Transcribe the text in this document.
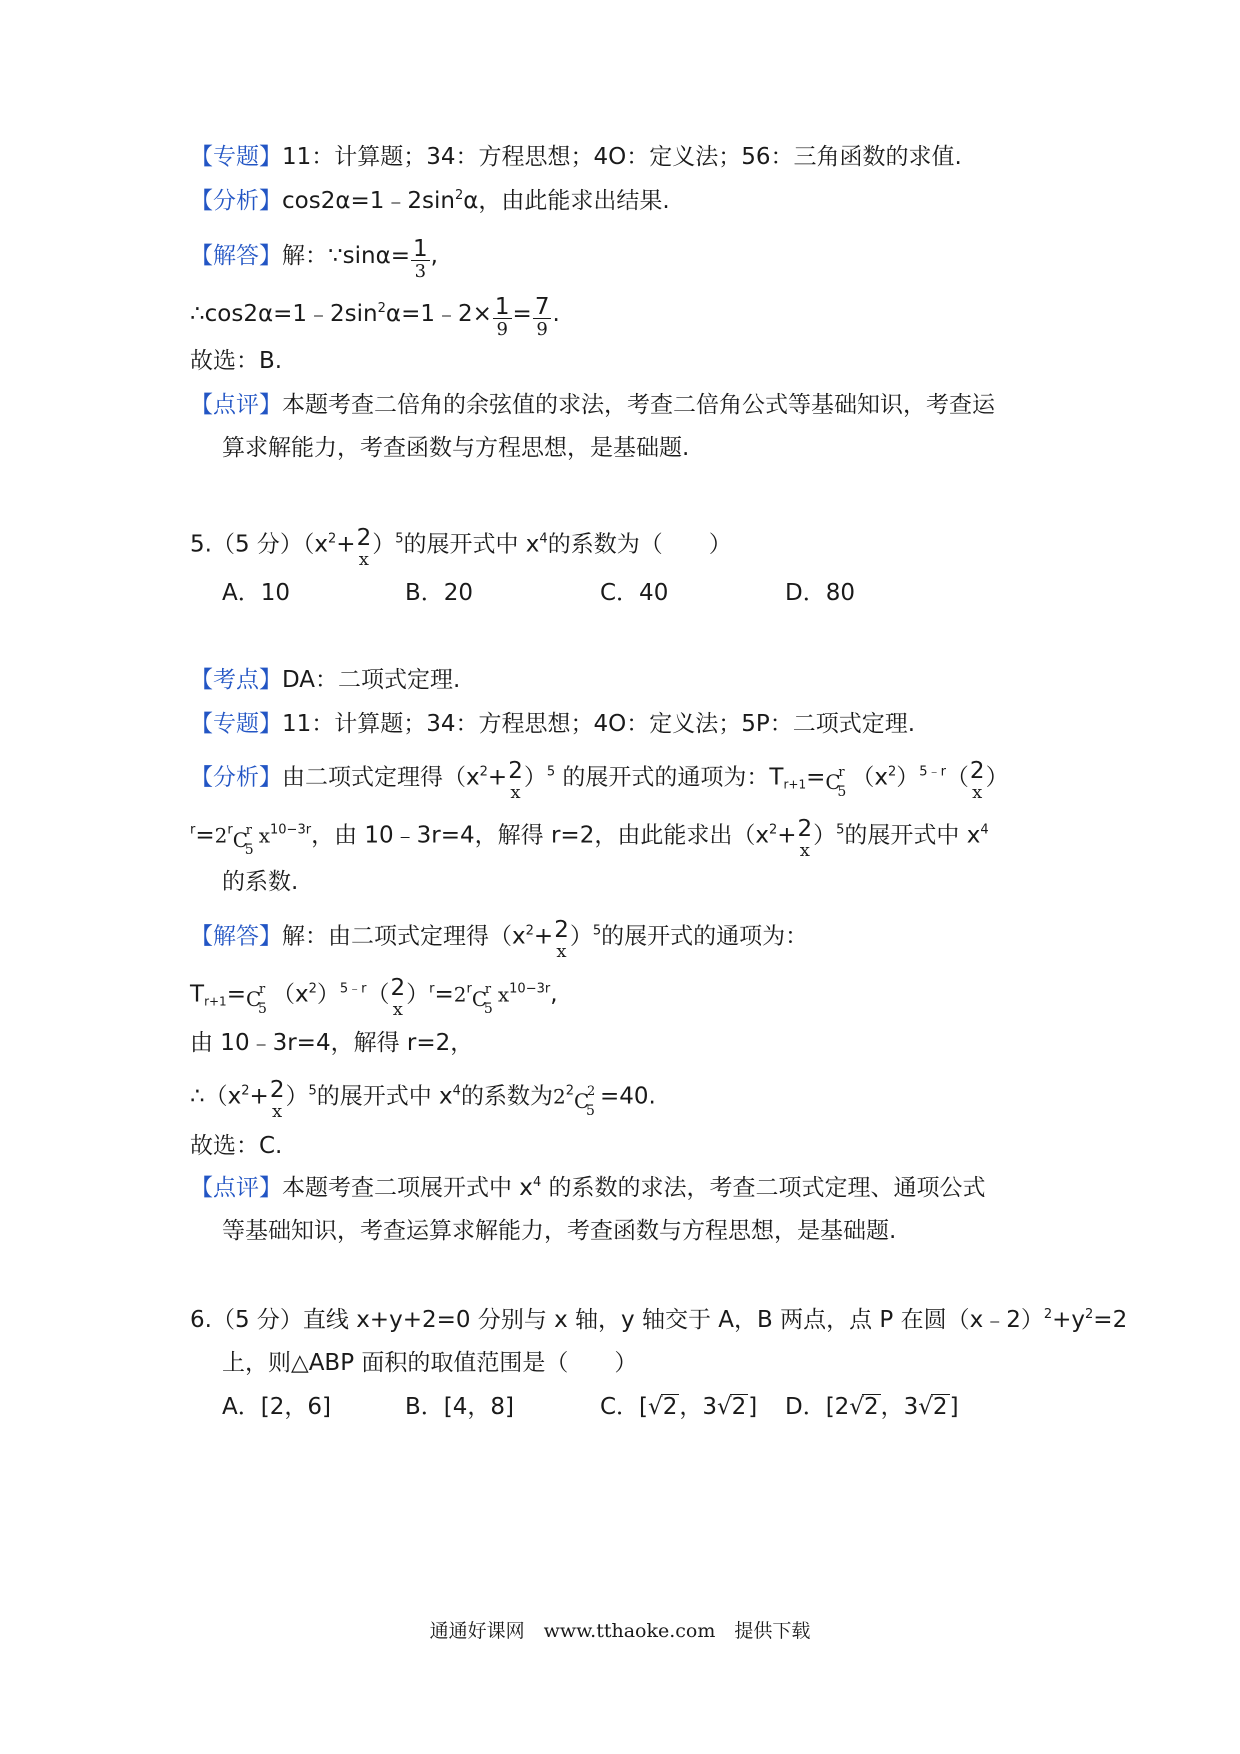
【专题】11：计算题；34：方程思想；4O：定义法；56：三角函数的求值.
【分析】$\cos 2\alpha=1﹣2\sin^2\alpha$，由此能求出结果.
【解答】解：∵sinα= $\frac{1}{3}$ ,
$\therefore\cos 2\alpha=1﹣2\sin^2\alpha=1﹣2\times \frac{1}{9} = \frac{7}{9}$ .
故选：B.
【点评】本题考查二倍角的余弦值的求法，考查二倍角公式等基础知识，考查运
算求解能力，考查函数与方程思想，是基础题.
5.（5 分）（$x^2+ 2$
x
）$^5$的展开式中 $x^4$的系数为（　　）
A．10	B．20	C．40	D．80
【考点】DA：二项式定理.
【专题】11：计算题；34：方程思想；4O：定义法；5P：二项式定理.
【分析】由二项式定理得（$x^2+ 2$
x
）$^5$ 的展开式的通项为：$T_{r+1}= C$
r
5
$(x^2)^{5﹣r}$（ 2
x
）
$^r=2^r$ C
r
5
$x^{10-3r}$，由 10﹣3r=4，解得 r=2，由此能求出（$x^2+ 2$
x
）$^5$的展开式中 $x^4$
的系数.
【解答】解：由二项式定理得（$x^2+ 2$
x
）$^5$的展开式的通项为：
$T_{r+1}= C$
r
5
$(x^2)^{5﹣r}$（ 2
x
）$^r=2^r$ C
r
5
$x^{10-3r}$,
由 10﹣3r=4，解得 r=2，
$\therefore(x^2+ 2$
x
）$^5$的展开式中 $x^4$的系数为$2^2$ C
2
5
=40.
故选：C.
【点评】本题考查二项展开式中 $x^4$ 的系数的求法，考查二项式定理、通项公式
等基础知识，考查运算求解能力，考查函数与方程思想，是基础题.
6.（5 分）直线 x+y+2=0 分别与 x 轴，y 轴交于 A，B 两点，点 P 在圆$(x﹣2)^2+y^2=2$
上，则△ABP 面积的取值范围是（　　）
A．[2，6]	B．[4，8]	C．[√2，3√2] D．[2√2，3√2]
通通好课网　www.tthaoke.com　提供下载
